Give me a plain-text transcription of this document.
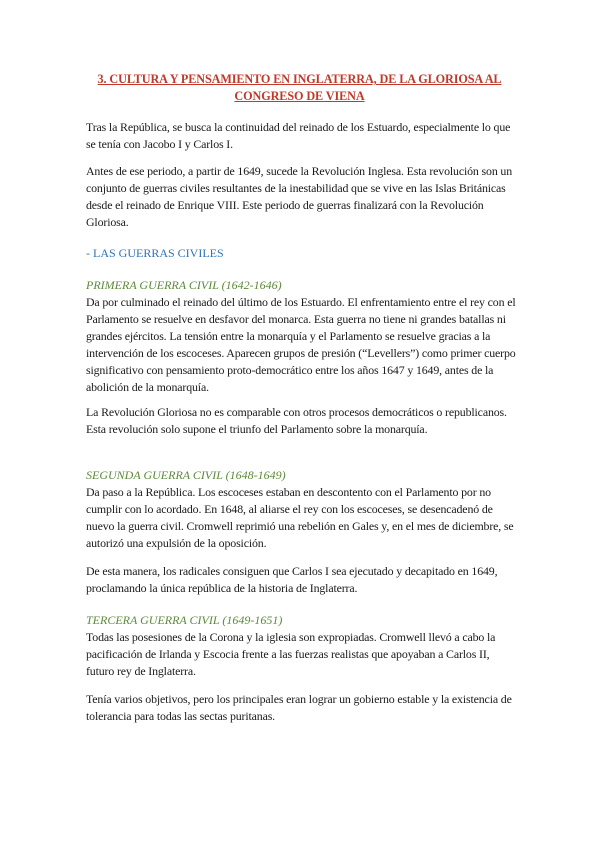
3. CULTURA Y PENSAMIENTO EN INGLATERRA, DE LA GLORIOSA AL CONGRESO DE VIENA

Tras la República, se busca la continuidad del reinado de los Estuardo, especialmente lo que se tenía con Jacobo I y Carlos I.

Antes de ese periodo, a partir de 1649, sucede la Revolución Inglesa. Esta revolución son un conjunto de guerras civiles resultantes de la inestabilidad que se vive en las Islas Británicas desde el reinado de Enrique VIII. Este periodo de guerras finalizará con la Revolución Gloriosa.

- LAS GUERRAS CIVILES

PRIMERA GUERRA CIVIL (1642-1646)

Da por culminado el reinado del último de los Estuardo. El enfrentamiento entre el rey con el Parlamento se resuelve en desfavor del monarca. Esta guerra no tiene ni grandes batallas ni grandes ejércitos. La tensión entre la monarquía y el Parlamento se resuelve gracias a la intervención de los escoceses. Aparecen grupos de presión (“Levellers”) como primer cuerpo significativo con pensamiento proto-democrático entre los años 1647 y 1649, antes de la abolición de la monarquía.

La Revolución Gloriosa no es comparable con otros procesos democráticos o republicanos. Esta revolución solo supone el triunfo del Parlamento sobre la monarquía.

SEGUNDA GUERRA CIVIL (1648-1649)

Da paso a la República. Los escoceses estaban en descontento con el Parlamento por no cumplir con lo acordado. En 1648, al aliarse el rey con los escoceses, se desencadenó de nuevo la guerra civil. Cromwell reprimió una rebelión en Gales y, en el mes de diciembre, se autorizó una expulsión de la oposición.

De esta manera, los radicales consiguen que Carlos I sea ejecutado y decapitado en 1649, proclamando la única república de la historia de Inglaterra.

TERCERA GUERRA CIVIL (1649-1651)

Todas las posesiones de la Corona y la iglesia son expropiadas. Cromwell llevó a cabo la pacificación de Irlanda y Escocia frente a las fuerzas realistas que apoyaban a Carlos II, futuro rey de Inglaterra.

Tenía varios objetivos, pero los principales eran lograr un gobierno estable y la existencia de tolerancia para todas las sectas puritanas.
